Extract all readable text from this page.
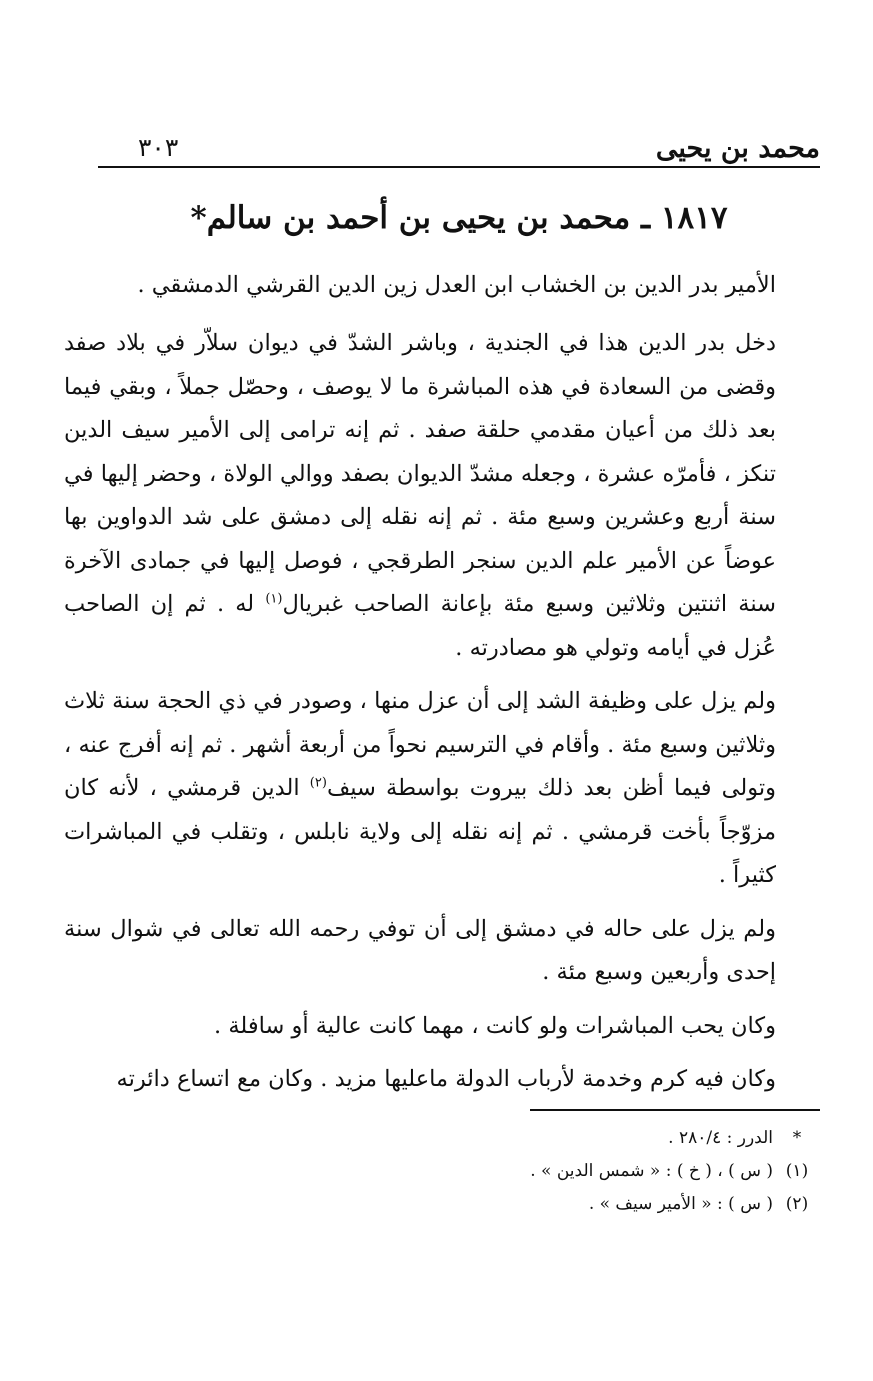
محمد بن يحيى
٣٠٣
١٨١٧ ـ محمد بن يحيى بن أحمد بن سالم*

الأمير بدر الدين بن الخشاب ابن العدل زين الدين القرشي الدمشقي .

دخل بدر الدين هذا في الجندية ، وباشر الشدّ في ديوان سلاّر في بلاد صفد وقضى من السعادة في هذه المباشرة ما لا يوصف ، وحصّل جملاً ، وبقي فيما بعد ذلك من أعيان مقدمي حلقة صفد . ثم إنه ترامى إلى الأمير سيف الدين تنكز ، فأمرّه عشرة ، وجعله مشدّ الديوان بصفد ووالي الولاة ، وحضر إليها في سنة أربع وعشرين وسبع مئة . ثم إنه نقله إلى دمشق على شد الدواوين بها عوضاً عن الأمير علم الدين سنجر الطرقجي ، فوصل إليها في جمادى الآخرة سنة اثنتين وثلاثين وسبع مئة بإعانة الصاحب غبريال$^{(١)}$ له . ثم إن الصاحب عُزل في أيامه وتولي هو مصادرته .

ولم يزل على وظيفة الشد إلى أن عزل منها ، وصودر في ذي الحجة سنة ثلاث وثلاثين وسبع مئة . وأقام في الترسيم نحواً من أربعة أشهر . ثم إنه أفرج عنه ، وتولى فيما أظن بعد ذلك بيروت بواسطة سيف$^{(٢)}$ الدين قرمشي ، لأنه كان مزوّجاً بأخت قرمشي . ثم إنه نقله إلى ولاية نابلس ، وتقلب في المباشرات كثيراً .

ولم يزل على حاله في دمشق إلى أن توفي رحمه الله تعالى في شوال سنة إحدى وأربعين وسبع مئة .

وكان يحب المباشرات ولو كانت ، مهما كانت عالية أو سافلة .

وكان فيه كرم وخدمة لأرباب الدولة ماعليها مزيد . وكان مع اتساع دائرته

*
الدرر : ٢٨٠/٤ .
(١)
( س ) ، ( خ ) : « شمس الدين » .
(٢)
( س ) : « الأمير سيف » .
